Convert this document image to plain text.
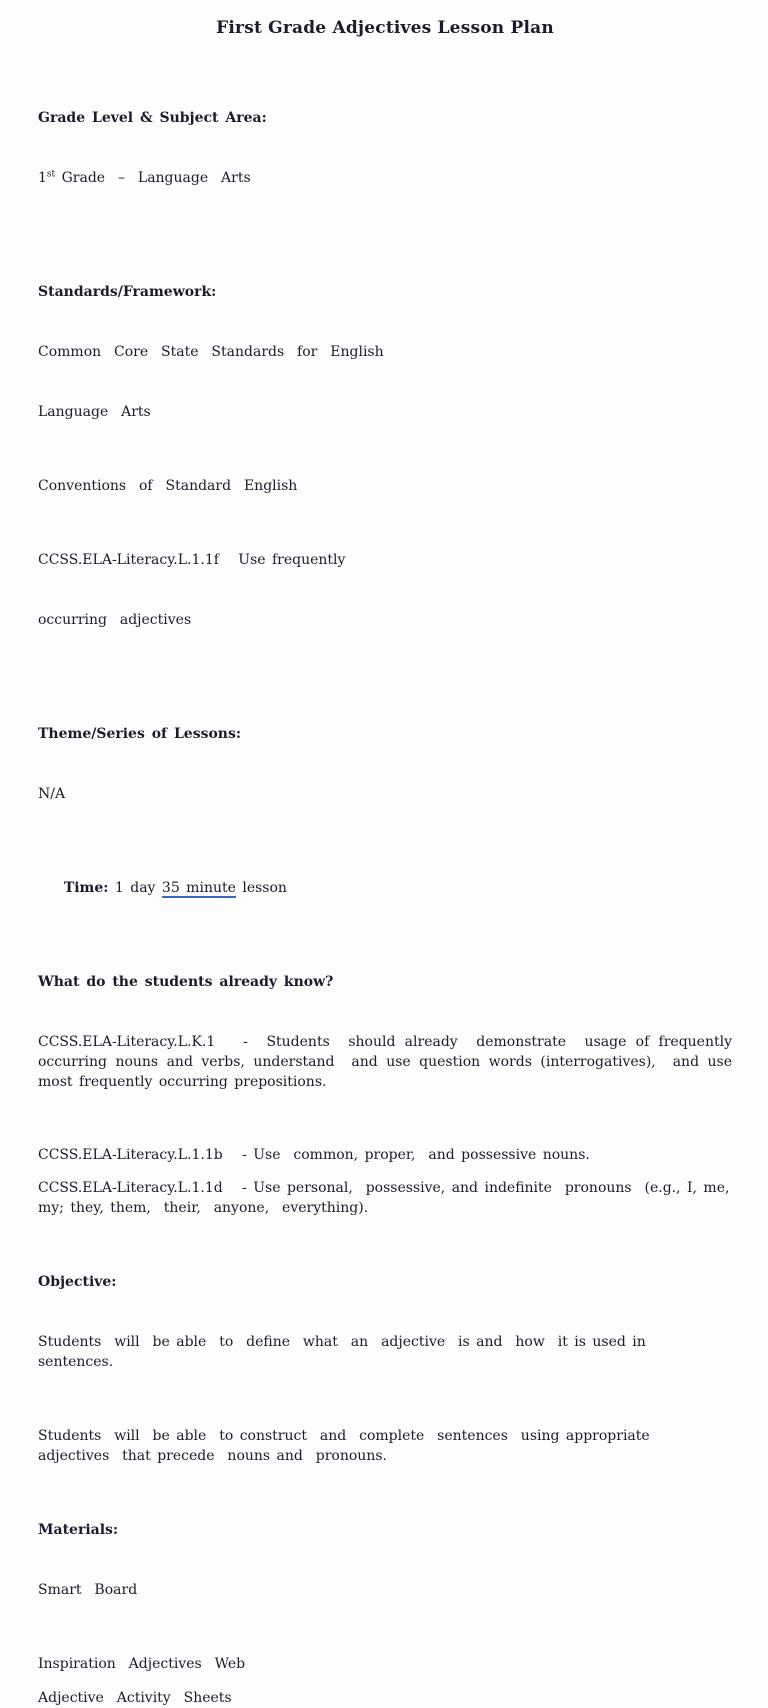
First Grade Adjectives Lesson Plan

Grade Level & Subject Area:

1st Grade  –  Language  Arts

Standards/Framework:

Common  Core  State  Standards  for  English

Language  Arts

Conventions  of  Standard  English

CCSS.ELA-Literacy.L.1.1f   Use frequently

occurring  adjectives

Theme/Series of Lessons:

N/A

Time: 1 day 35 minute lesson

What do the students already know?

CCSS.ELA-Literacy.L.K.1   -  Students  should already  demonstrate  usage of frequently  occurring nouns and verbs, understand  and use question words (interrogatives),  and use most frequently occurring prepositions.

CCSS.ELA-Literacy.L.1.1b   - Use  common, proper,  and possessive nouns.
CCSS.ELA-Literacy.L.1.1d   - Use personal,  possessive, and indefinite  pronouns  (e.g., I, me, my; they, them,  their,  anyone,  everything).

Objective:

Students  will  be able  to  define  what  an  adjective  is and  how  it is used in  sentences.

Students  will  be able  to construct  and  complete  sentences  using appropriate   adjectives  that precede  nouns and  pronouns.

Materials:

Smart  Board

Inspiration  Adjectives  Web
Adjective  Activity  Sheets
